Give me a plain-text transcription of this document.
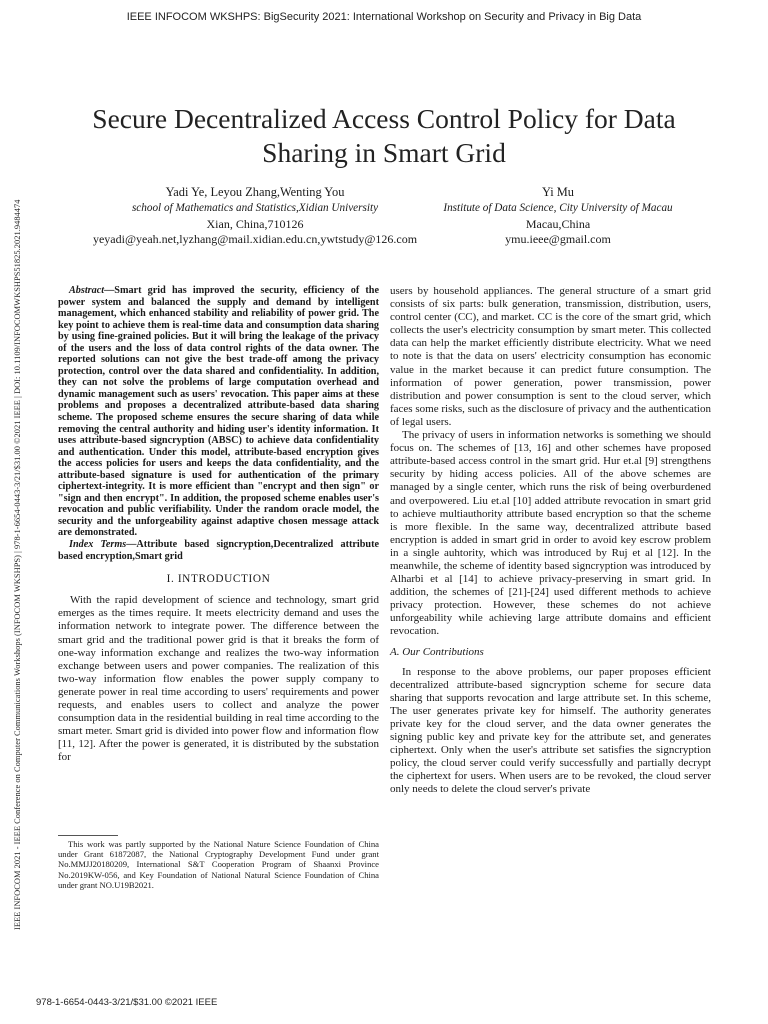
IEEE INFOCOM WKSHPS: BigSecurity 2021: International Workshop on Security and Privacy in Big Data
IEEE INFOCOM 2021 - IEEE Conference on Computer Communications Workshops (INFOCOM WKSHPS) | 978-1-6654-0443-3/21/$31.00 ©2021 IEEE | DOI: 10.1109/INFOCOMWKSHPS51825.2021.9484474
Secure Decentralized Access Control Policy for Data Sharing in Smart Grid
Yadi Ye, Leyou Zhang,Wenting You
school of Mathematics and Statistics,Xidian University
Xian, China,710126
yeyadi@yeah.net,lyzhang@mail.xidian.edu.cn,ywtstudy@126.com
Yi Mu
Institute of Data Science, City University of Macau
Macau,China
ymu.ieee@gmail.com

Abstract—Smart grid has improved the security, efficiency of the power system and balanced the supply and demand by intelligent management, which enhanced stability and reliability of power grid. The key point to achieve them is real-time data and consumption data sharing by using fine-grained policies. But it will bring the leakage of the privacy of the users and the loss of data control rights of the data owner. The reported solutions can not give the best trade-off among the privacy protection, control over the data shared and confidentiality. In addition, they can not solve the problems of large computation overhead and dynamic management such as users' revocation. This paper aims at these problems and proposes a decentralized attribute-based data sharing scheme. The proposed scheme ensures the secure sharing of data while removing the central authority and hiding user's identity information. It uses attribute-based signcryption (ABSC) to achieve data confidentiality and authentication. Under this model, attribute-based encryption gives the access policies for users and keeps the data confidentiality, and the attribute-based signature is used for authentication of the primary ciphertext-integrity. It is more efficient than "encrypt and then sign" or "sign and then encrypt". In addition, the proposed scheme enables user's revocation and public verifiability. Under the random oracle model, the security and the unforgeability against adaptive chosen message attack are demonstrated.

Index Terms—Attribute based signcryption,Decentralized attribute based encryption,Smart grid

I. INTRODUCTION

With the rapid development of science and technology, smart grid emerges as the times require. It meets electricity demand and uses the information network to integrate power. The difference between the smart grid and the traditional power grid is that it breaks the form of one-way information exchange and realizes the two-way information exchange between users and power companies. The realization of this two-way information flow enables the power supply company to generate power in real time according to users' requirements and power requests, and enables users to collect and analyze the power consumption data in the residential building in real time according to the smart meter. Smart grid is divided into power flow and information flow [11, 12]. After the power is generated, it is distributed by the substation for

users by household appliances. The general structure of a smart grid consists of six parts: bulk generation, transmission, distribution, users, control center (CC), and market. CC is the core of the smart grid, which collects the user's electricity consumption by smart meter. This collected data can help the market efficiently distribute electricity. What we need to note is that the data on users' electricity consumption has economic value in the market because it can predict future consumption. The information of power generation, power transmission, power distribution and power consumption is sent to the cloud server, which faces some risks, such as the disclosure of privacy and the authentication of legal users.

The privacy of users in information networks is something we should focus on. The schemes of [13, 16] and other schemes have proposed attribute-based access control in the smart grid. Hur et.al [9] strengthens security by hiding access policies. All of the above schemes are managed by a single center, which runs the risk of being overburdened and overpowered. Liu et.al [10] added attribute revocation in smart grid to achieve multiauthority attribute based encryption so that the scheme is more flexible. In the same way, decentralized attribute based encryption is added in smart grid in order to avoid key escrow problem in a single auhtority, which was introduced by Ruj et al [12]. In the meanwhile, the scheme of identity based signcryption was introduced by Alharbi et al [14] to achieve privacy-preserving in smart grid. In addition, the schemes of [21]-[24] used different methods to achieve privacy protection. However, these schemes do not achieve unforgeability while achieving large attribute domains and efficient revocation.

A. Our Contributions

In response to the above problems, our paper proposes efficient decentralized attribute-based signcryption scheme for secure data sharing that supports revocation and large attribute set. In this scheme, The user generates private key for himself. The authority generates private key for the cloud server, and the data owner generates the signing public key and private key for the attribute set, and generates ciphertext. Only when the user's attribute set satisfies the signcryption policy, the cloud server could verify successfully and partially decrypt the ciphertext for users. When users are to be revoked, the cloud server only needs to delete the cloud server's private

This work was partly supported by the National Nature Science Foundation of China under Grant 61872087, the National Cryptography Development Fund under grant No.MMJJ20180209, International S&T Cooperation Program of Shaanxi Province No.2019KW-056, and Key Foundation of National Natural Science Foundation of China under grant NO.U19B2021.
978-1-6654-0443-3/21/$31.00 ©2021 IEEE
